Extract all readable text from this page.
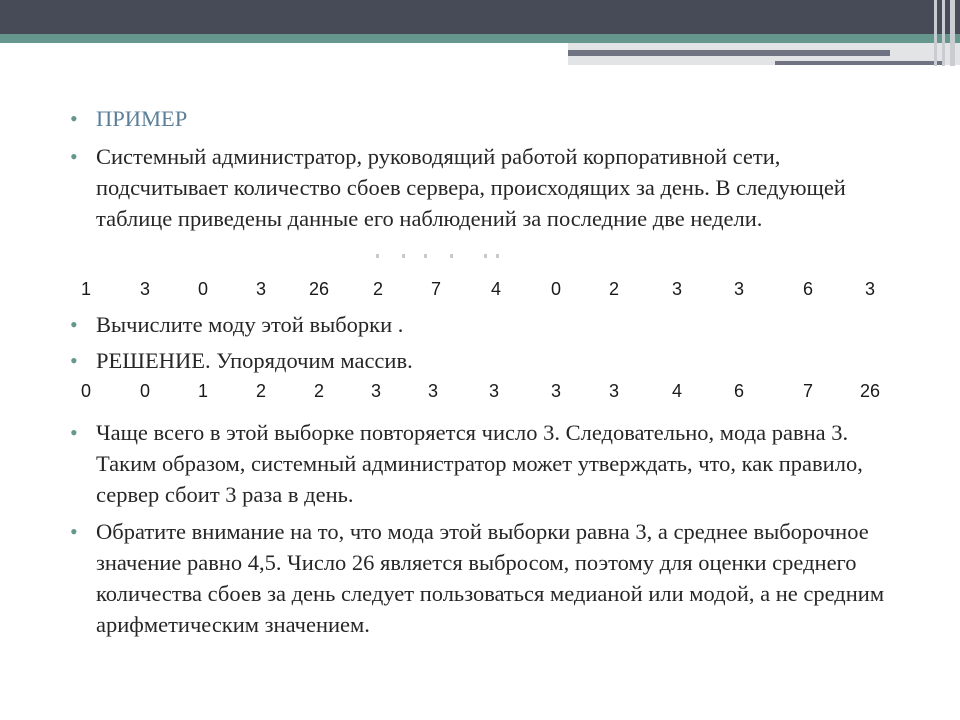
• ПРИМЕР
• Системный администратор, руководящий работой корпоративной сети, подсчитывает количество сбоев сервера, происходящих за день. В следующей таблице приведены данные его наблюдений за последние две недели.
1	3	0	3	26	2	7	4	0	2	3	3	6	3
• Вычислите моду этой выборки .
• РЕШЕНИЕ. Упорядочим массив.
0	0	1	2	2	3	3	3	3	3	4	6	7	26
• Чаще всего в этой выборке повторяется число 3. Следовательно, мода равна 3. Таким образом, системный администратор может утверждать, что, как правило, сервер сбоит 3 раза в день.
• Обратите внимание на то, что мода этой выборки равна 3, а среднее выборочное значение равно 4,5. Число 26 является выбросом, поэтому для оценки среднего количества сбоев за день следует пользоваться медианой или модой, а не средним арифметическим значением.
